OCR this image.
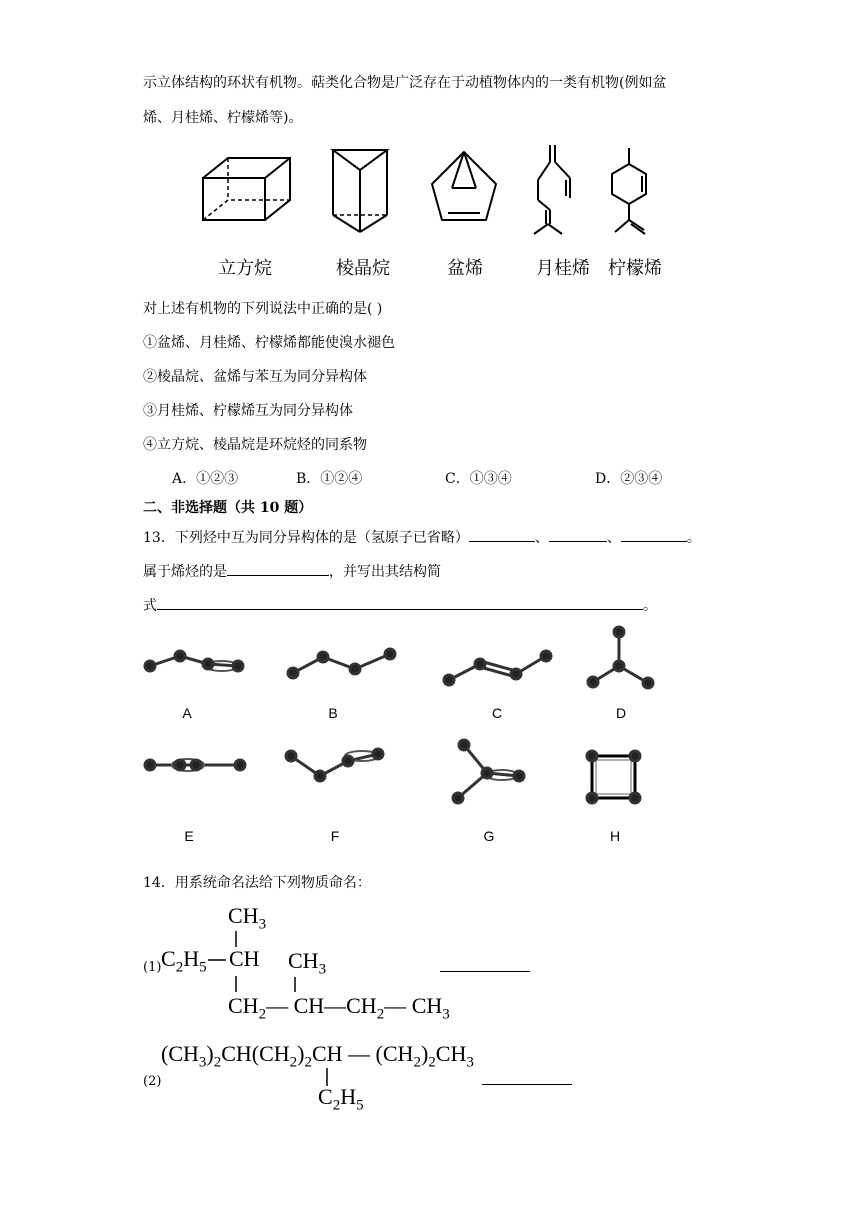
示立体结构的环状有机物。萜类化合物是广泛存在于动植物体内的一类有机物(例如盆
烯、月桂烯、柠檬烯等)。
立方烷	棱晶烷	盆烯	月桂烯	柠檬烯
对上述有机物的下列说法中正确的是( )
①盆烯、月桂烯、柠檬烯都能使溴水褪色
②棱晶烷、盆烯与苯互为同分异构体
③月桂烯、柠檬烯互为同分异构体
④立方烷、棱晶烷是环烷烃的同系物
A．①②③	B．①②④	C．①③④	D．②③④
二、非选择题（共 10 题）
13．下列烃中互为同分异构体的是（氢原子已省略）	、	、	。
属于烯烃的是	，并写出其结构简
式	。
A	B	C	D
E	F	G	H
14．用系统命名法给下列物质命名：
(1)
$CH_3$
$C_2H_5$ CH $CH_3$
$CH_2—$ $CH—CH_2—$ $CH_3$
(2)
$(CH_3)_2CH(CH_2)_2CH$ — $(CH_2)_2CH_3$
$C_2H_5$
